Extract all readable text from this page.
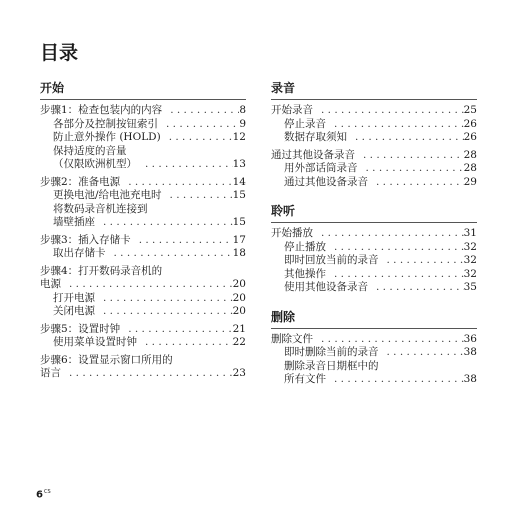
目录
开始
步骤1：检查包装内的内容 . . .	8
各部分及控制按钮索引 . . .	9
防止意外操作 (HOLD) . . .	12
保持适度的音量
（仅限欧洲机型） . . .	13
步骤2：准备电源 . . .	14
更换电池/给电池充电时 . . .	15
将数码录音机连接到
墙壁插座 . . .	15
步骤3：插入存储卡 . . .	17
取出存储卡 . . .	18
步骤4：打开数码录音机的
电源 . . .	20
打开电源 . . .	20
关闭电源 . . .	20
步骤5：设置时钟 . . .	21
使用菜单设置时钟 . . .	22
步骤6：设置显示窗口所用的
语言 . . .	23
录音
开始录音 . . .	25
停止录音 . . .	26
数据存取须知 . . .	26
通过其他设备录音 . . .	28
用外部话筒录音 . . .	28
通过其他设备录音 . . .	29
聆听
开始播放 . . .	31
停止播放 . . .	32
即时回放当前的录音 . . .	32
其他操作 . . .	32
使用其他设备录音 . . .	35
删除
删除文件 . . .	36
即时删除当前的录音 . . .	38
删除录音日期框中的
所有文件 . . .	38
$6^{CS}$
